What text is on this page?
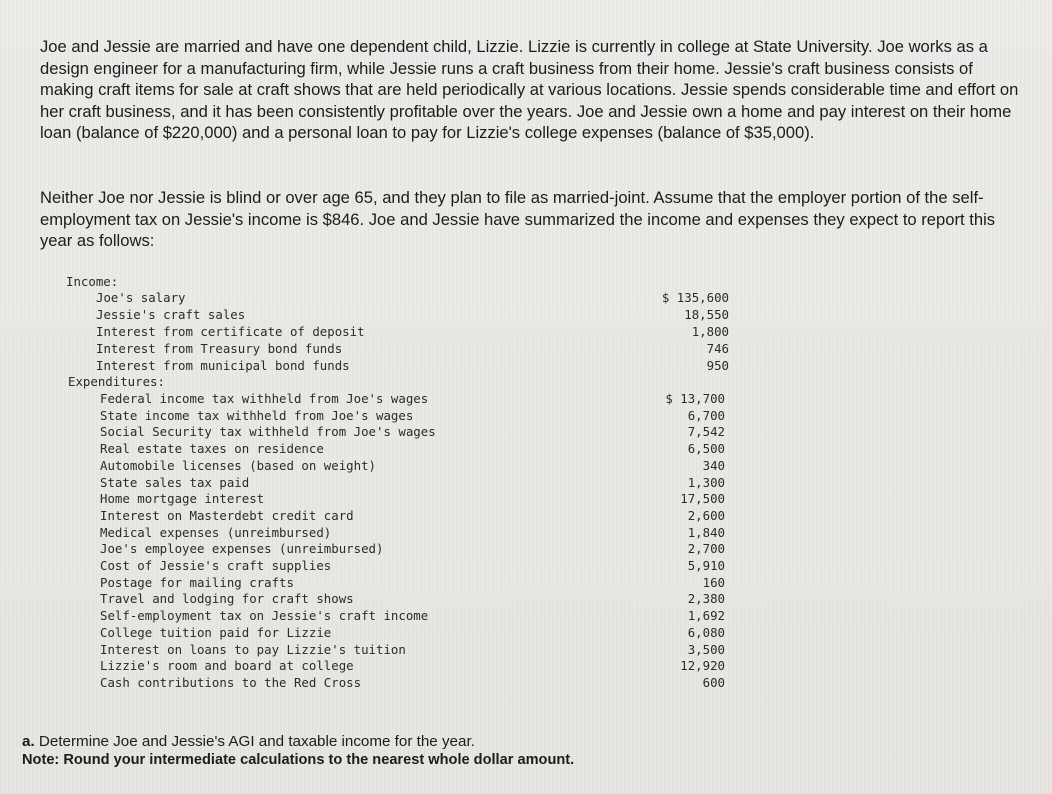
Joe and Jessie are married and have one dependent child, Lizzie. Lizzie is currently in college at State University. Joe works as a design engineer for a manufacturing firm, while Jessie runs a craft business from their home. Jessie's craft business consists of making craft items for sale at craft shows that are held periodically at various locations. Jessie spends considerable time and effort on her craft business, and it has been consistently profitable over the years. Joe and Jessie own a home and pay interest on their home loan (balance of $220,000) and a personal loan to pay for Lizzie's college expenses (balance of $35,000).

Neither Joe nor Jessie is blind or over age 65, and they plan to file as married-joint. Assume that the employer portion of the self-employment tax on Jessie's income is $846. Joe and Jessie have summarized the income and expenses they expect to report this year as follows:

Income:
Joe's salary	$ 135,600
Jessie's craft sales	18,550
Interest from certificate of deposit	1,800
Interest from Treasury bond funds	746
Interest from municipal bond funds	950
Expenditures:
Federal income tax withheld from Joe's wages	$ 13,700
State income tax withheld from Joe's wages	6,700
Social Security tax withheld from Joe's wages	7,542
Real estate taxes on residence	6,500
Automobile licenses (based on weight)	340
State sales tax paid	1,300
Home mortgage interest	17,500
Interest on Masterdebt credit card	2,600
Medical expenses (unreimbursed)	1,840
Joe's employee expenses (unreimbursed)	2,700
Cost of Jessie's craft supplies	5,910
Postage for mailing crafts	160
Travel and lodging for craft shows	2,380
Self-employment tax on Jessie's craft income	1,692
College tuition paid for Lizzie	6,080
Interest on loans to pay Lizzie's tuition	3,500
Lizzie's room and board at college	12,920
Cash contributions to the Red Cross	600

a. Determine Joe and Jessie's AGI and taxable income for the year.

Note: Round your intermediate calculations to the nearest whole dollar amount.
